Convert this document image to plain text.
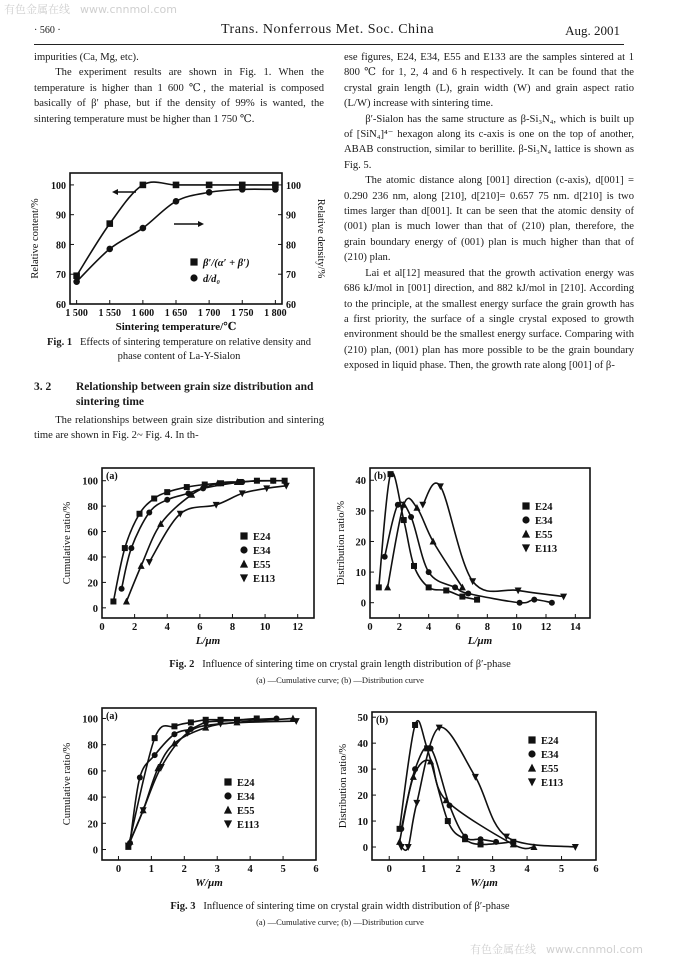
· 560 ·	Trans. Nonferrous Met. Soc. China	Aug. 2001
有色金属在线 www.cnnmol.com
有色金属在线 www.cnnmol.com

impurities (Ca, Mg, etc).

The experiment results are shown in Fig. 1. When the temperature is higher than 1 600 ℃, the material is composed basically of β′ phase, but if the density of 99% is wanted, the sintering temperature must be higher than 1 750 ℃.

1 500 1 550 1 600 1 650 1 700 1 750 1 800
60	60
70	70
80	80
90	90
100	100
Sintering temperature/℃
Relative content/%	Relative density/%
β′/(α′ + β′)
d/d₀
Fig. 1 Effects of sintering temperature on relative density and phase content of La-Y-Sialon
3. 2	Relationship between grain size distribution and sintering time

The relationships between grain size distribution and sintering time are shown in Fig. 2~ Fig. 4. In th-

ese figures, E24, E34, E55 and E133 are the samples sintered at 1 800 ℃ for 1, 2, 4 and 6 h respectively. It can be found that the crystal grain length (L), grain width (W) and grain aspect ratio (L/W) increase with sintering time.

β′-Sialon has the same structure as β-Si₃N₄, which is built up of [SiN₄]⁴⁻ hexagon along its c-axis is one on the top of another, ABAB construction, similar to berillite. β-Si₃N₄ lattice is shown as Fig. 5.

The atomic distance along [001] direction (c-axis), d[001] = 0.290 236 nm, along [210], d[210]= 0.657 75 nm. d[210] is two times larger than d[001]. It can be seen that the atomic density of (001) plan is much lower than that of (210) plan, therefore, the grain boundary energy of (001) plan is much higher than that of (210) plan.

Lai et al[12] measured that the growth activation energy was 686 kJ/mol in [001] direction, and 882 kJ/mol in [210]. According to the principle, at the smallest energy surface the grain growth has a first priority, the surface of a single crystal exposed to growth environment should be the smallest energy surface. Comparing with (210) plan, (001) plan has more possible to be the grain boundary exposed in liquid phase. Then, the growth rate along [001] of β-

0	2	4	6	8 10 12
0
20
40
60
80
100
L/μm
Cumulative ratio/%
(a)
E24
E34
E55
E113
0 2 4 6 8 10 12 14
0
10
20
30
40
L/μm
Distribution ratio/%
(b)
E24
E34
E55
E113
Fig. 2 Influence of sintering time on crystal grain length distribution of β′-phase
(a) —Cumulative curve; (b) —Distribution curve
0	1	2	3	4	5	6
0
20
40
60
80
100
W/μm
Cumulative ratio/%
(a)
E24
E34
E55
E113
0	1	2	3	4	5	6
0
10
20
30
40
50
W/μm
Distribution ratio/%
(b)
E24
E34
E55
E113
Fig. 3 Influence of sintering time on crystal grain width distribution of β′-phase
(a) —Cumulative curve; (b) —Distribution curve
